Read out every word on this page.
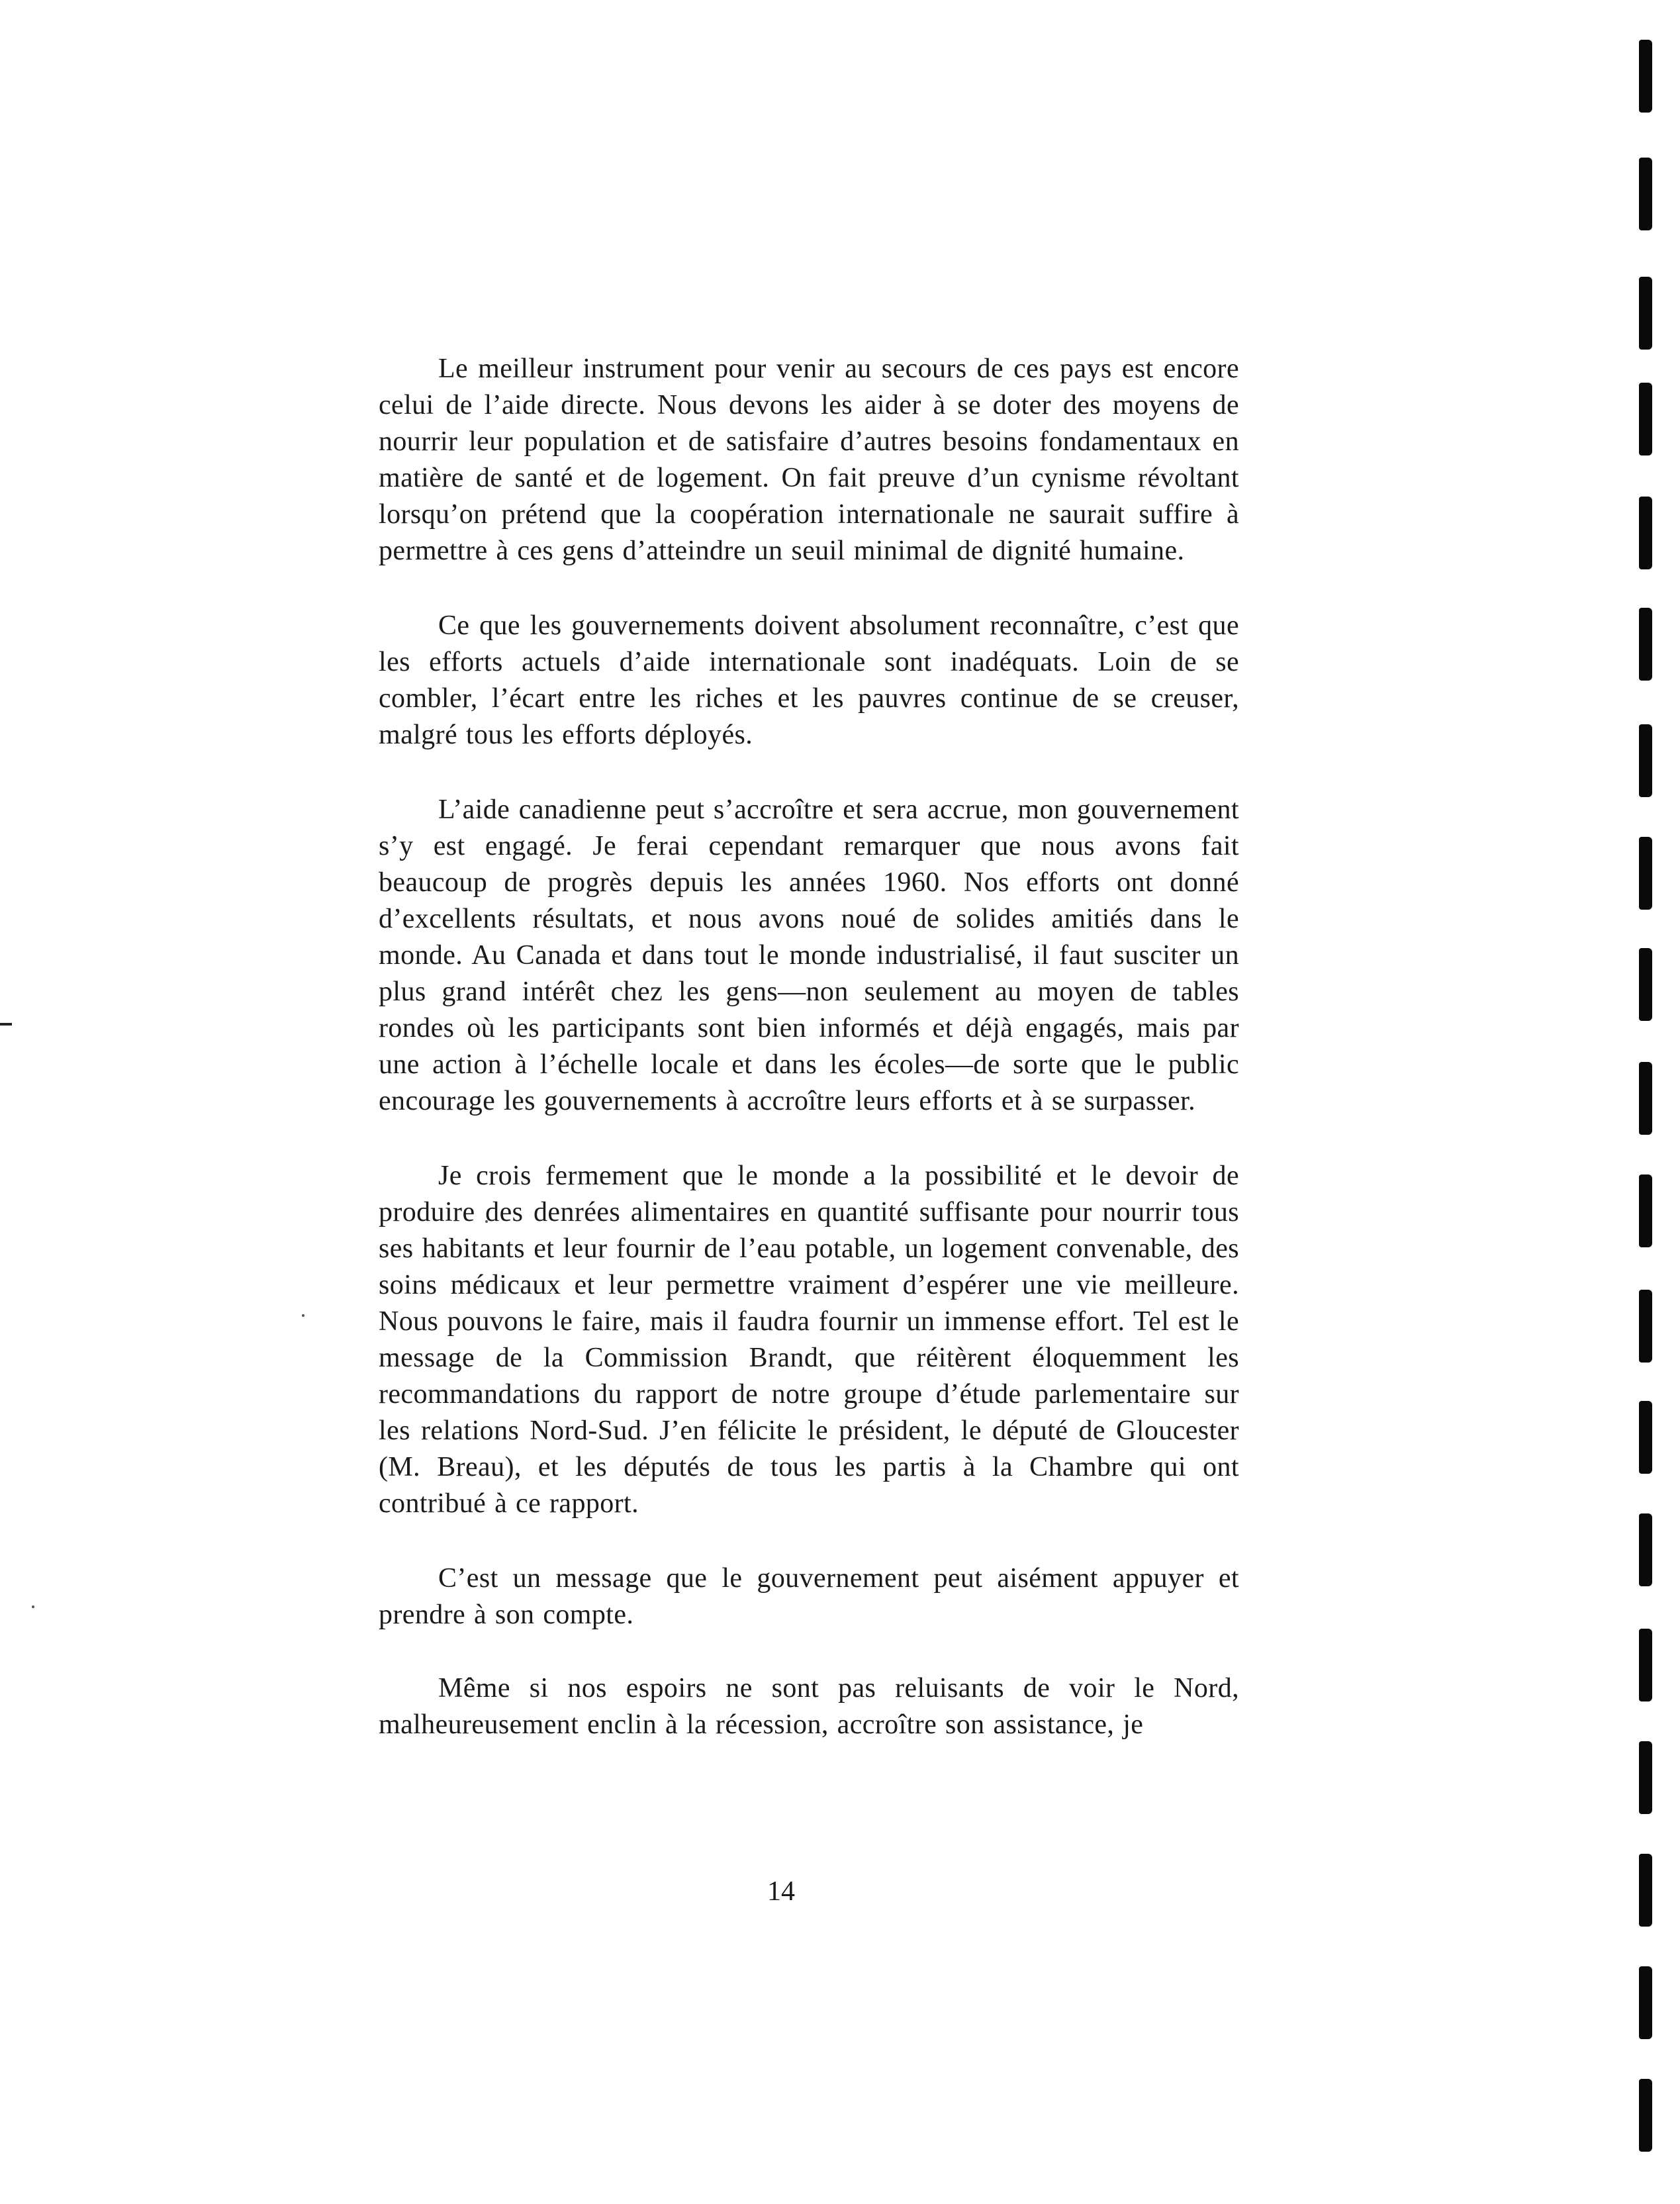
Le meilleur instrument pour venir au secours de ces pays est encore celui de l’aide directe. Nous devons les aider à se doter des moyens de nourrir leur population et de satisfaire d’autres besoins fondamentaux en matière de santé et de logement. On fait preuve d’un cynisme révoltant lorsqu’on prétend que la coopération internationale ne saurait suffire à permettre à ces gens d’atteindre un seuil minimal de dignité humaine.

Ce que les gouvernements doivent absolument reconnaître, c’est que les efforts actuels d’aide internationale sont inadéquats. Loin de se combler, l’écart entre les riches et les pauvres continue de se creuser, malgré tous les efforts déployés.

L’aide canadienne peut s’accroître et sera accrue, mon gouvernement s’y est engagé. Je ferai cependant remarquer que nous avons fait beaucoup de progrès depuis les années 1960. Nos efforts ont donné d’excellents résultats, et nous avons noué de solides amitiés dans le monde. Au Canada et dans tout le monde industrialisé, il faut susciter un plus grand intérêt chez les gens—non seulement au moyen de tables rondes où les participants sont bien informés et déjà engagés, mais par une action à l’échelle locale et dans les écoles—de sorte que le public encourage les gouvernements à accroître leurs efforts et à se surpasser.

Je crois fermement que le monde a la possibilité et le devoir de produire des denrées alimentaires en quantité suffisante pour nourrir tous ses habitants et leur fournir de l’eau potable, un logement convenable, des soins médicaux et leur permettre vraiment d’espérer une vie meilleure. Nous pouvons le faire, mais il faudra fournir un immense effort. Tel est le message de la Commission Brandt, que réitèrent éloquemment les recommandations du rapport de notre groupe d’étude parlementaire sur les relations Nord-Sud. J’en félicite le président, le député de Gloucester (M. Breau), et les députés de tous les partis à la Chambre qui ont contribué à ce rapport.

C’est un message que le gouvernement peut aisément appuyer et prendre à son compte.

Même si nos espoirs ne sont pas reluisants de voir le Nord, malheureusement enclin à la récession, accroître son assistance, je

14
